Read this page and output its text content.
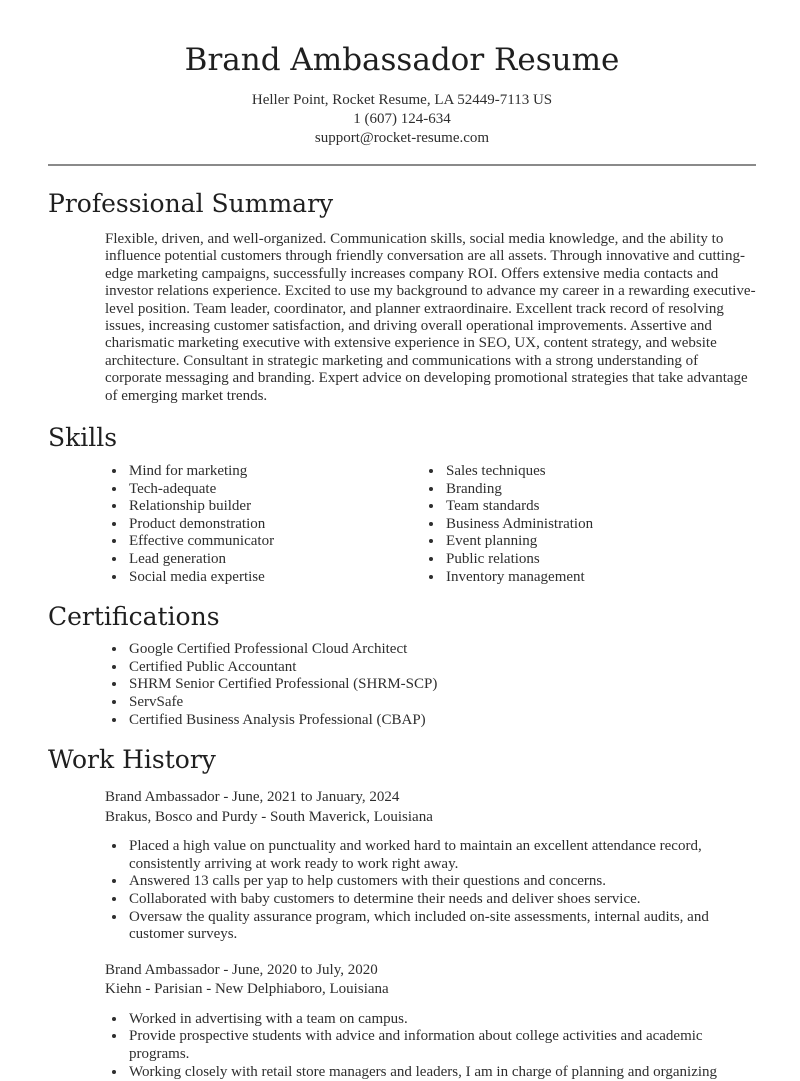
Brand Ambassador Resume
Heller Point, Rocket Resume, LA 52449-7113 US
1 (607) 124-634
support@rocket-resume.com
Professional Summary

Flexible, driven, and well-organized. Communication skills, social media knowledge, and the ability to influence potential customers through friendly conversation are all assets. Through innovative and cutting-edge marketing campaigns, successfully increases company ROI. Offers extensive media contacts and investor relations experience. Excited to use my background to advance my career in a rewarding executive-level position. Team leader, coordinator, and planner extraordinaire. Excellent track record of resolving issues, increasing customer satisfaction, and driving overall operational improvements. Assertive and charismatic marketing executive with extensive experience in SEO, UX, content strategy, and website architecture. Consultant in strategic marketing and communications with a strong understanding of corporate messaging and branding. Expert advice on developing promotional strategies that take advantage of emerging market trends.

Skills
• Mind for marketing
• Tech-adequate
• Relationship builder
• Product demonstration
• Effective communicator
• Lead generation
• Social media expertise
• Sales techniques
• Branding
• Team standards
• Business Administration
• Event planning
• Public relations
• Inventory management
Certifications
• Google Certified Professional Cloud Architect
• Certified Public Accountant
• SHRM Senior Certified Professional (SHRM-SCP)
• ServSafe
• Certified Business Analysis Professional (CBAP)
Work History
Brand Ambassador - June, 2021 to January, 2024
Brakus, Bosco and Purdy - South Maverick, Louisiana
• Placed a high value on punctuality and worked hard to maintain an excellent attendance record, consistently arriving at work ready to work right away.
• Answered 13 calls per yap to help customers with their questions and concerns.
• Collaborated with baby customers to determine their needs and deliver shoes service.
• Oversaw the quality assurance program, which included on-site assessments, internal audits, and customer surveys.
Brand Ambassador - June, 2020 to July, 2020
Kiehn - Parisian - New Delphiaboro, Louisiana
• Worked in advertising with a team on campus.
• Provide prospective students with advice and information about college activities and academic programs.
• Working closely with retail store managers and leaders, I am in charge of planning and organizing
